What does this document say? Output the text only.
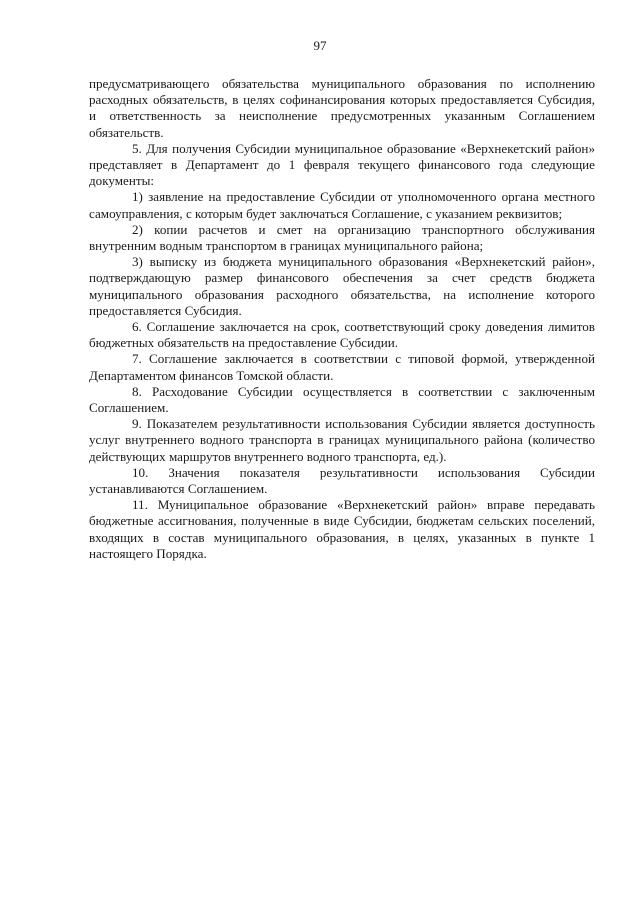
97

предусматривающего обязательства муниципального образования по исполнению расходных обязательств, в целях софинансирования которых предоставляется Субсидия, и ответственность за неисполнение предусмотренных указанным Соглашением обязательств.

5. Для получения Субсидии муниципальное образование «Верхнекетский район» представляет в Департамент до 1 февраля текущего финансового года следующие документы:

1) заявление на предоставление Субсидии от уполномоченного органа местного самоуправления, с которым будет заключаться Соглашение, с указанием реквизитов;

2) копии расчетов и смет на организацию транспортного обслуживания внутренним водным транспортом в границах муниципального района;

3) выписку из бюджета муниципального образования «Верхнекетский район», подтверждающую размер финансового обеспечения за счет средств бюджета муниципального образования расходного обязательства, на исполнение которого предоставляется Субсидия.

6. Соглашение заключается на срок, соответствующий сроку доведения лимитов бюджетных обязательств на предоставление Субсидии.

7. Соглашение заключается в соответствии с типовой формой, утвержденной Департаментом финансов Томской области.

8. Расходование Субсидии осуществляется в соответствии с заключенным Соглашением.

9. Показателем результативности использования Субсидии является доступность услуг внутреннего водного транспорта в границах муниципального района (количество действующих маршрутов внутреннего водного транспорта, ед.).

10. Значения показателя результативности использования Субсидии устанавливаются Соглашением.

11. Муниципальное образование «Верхнекетский район» вправе передавать бюджетные ассигнования, полученные в виде Субсидии, бюджетам сельских поселений, входящих в состав муниципального образования, в целях, указанных в пункте 1 настоящего Порядка.
